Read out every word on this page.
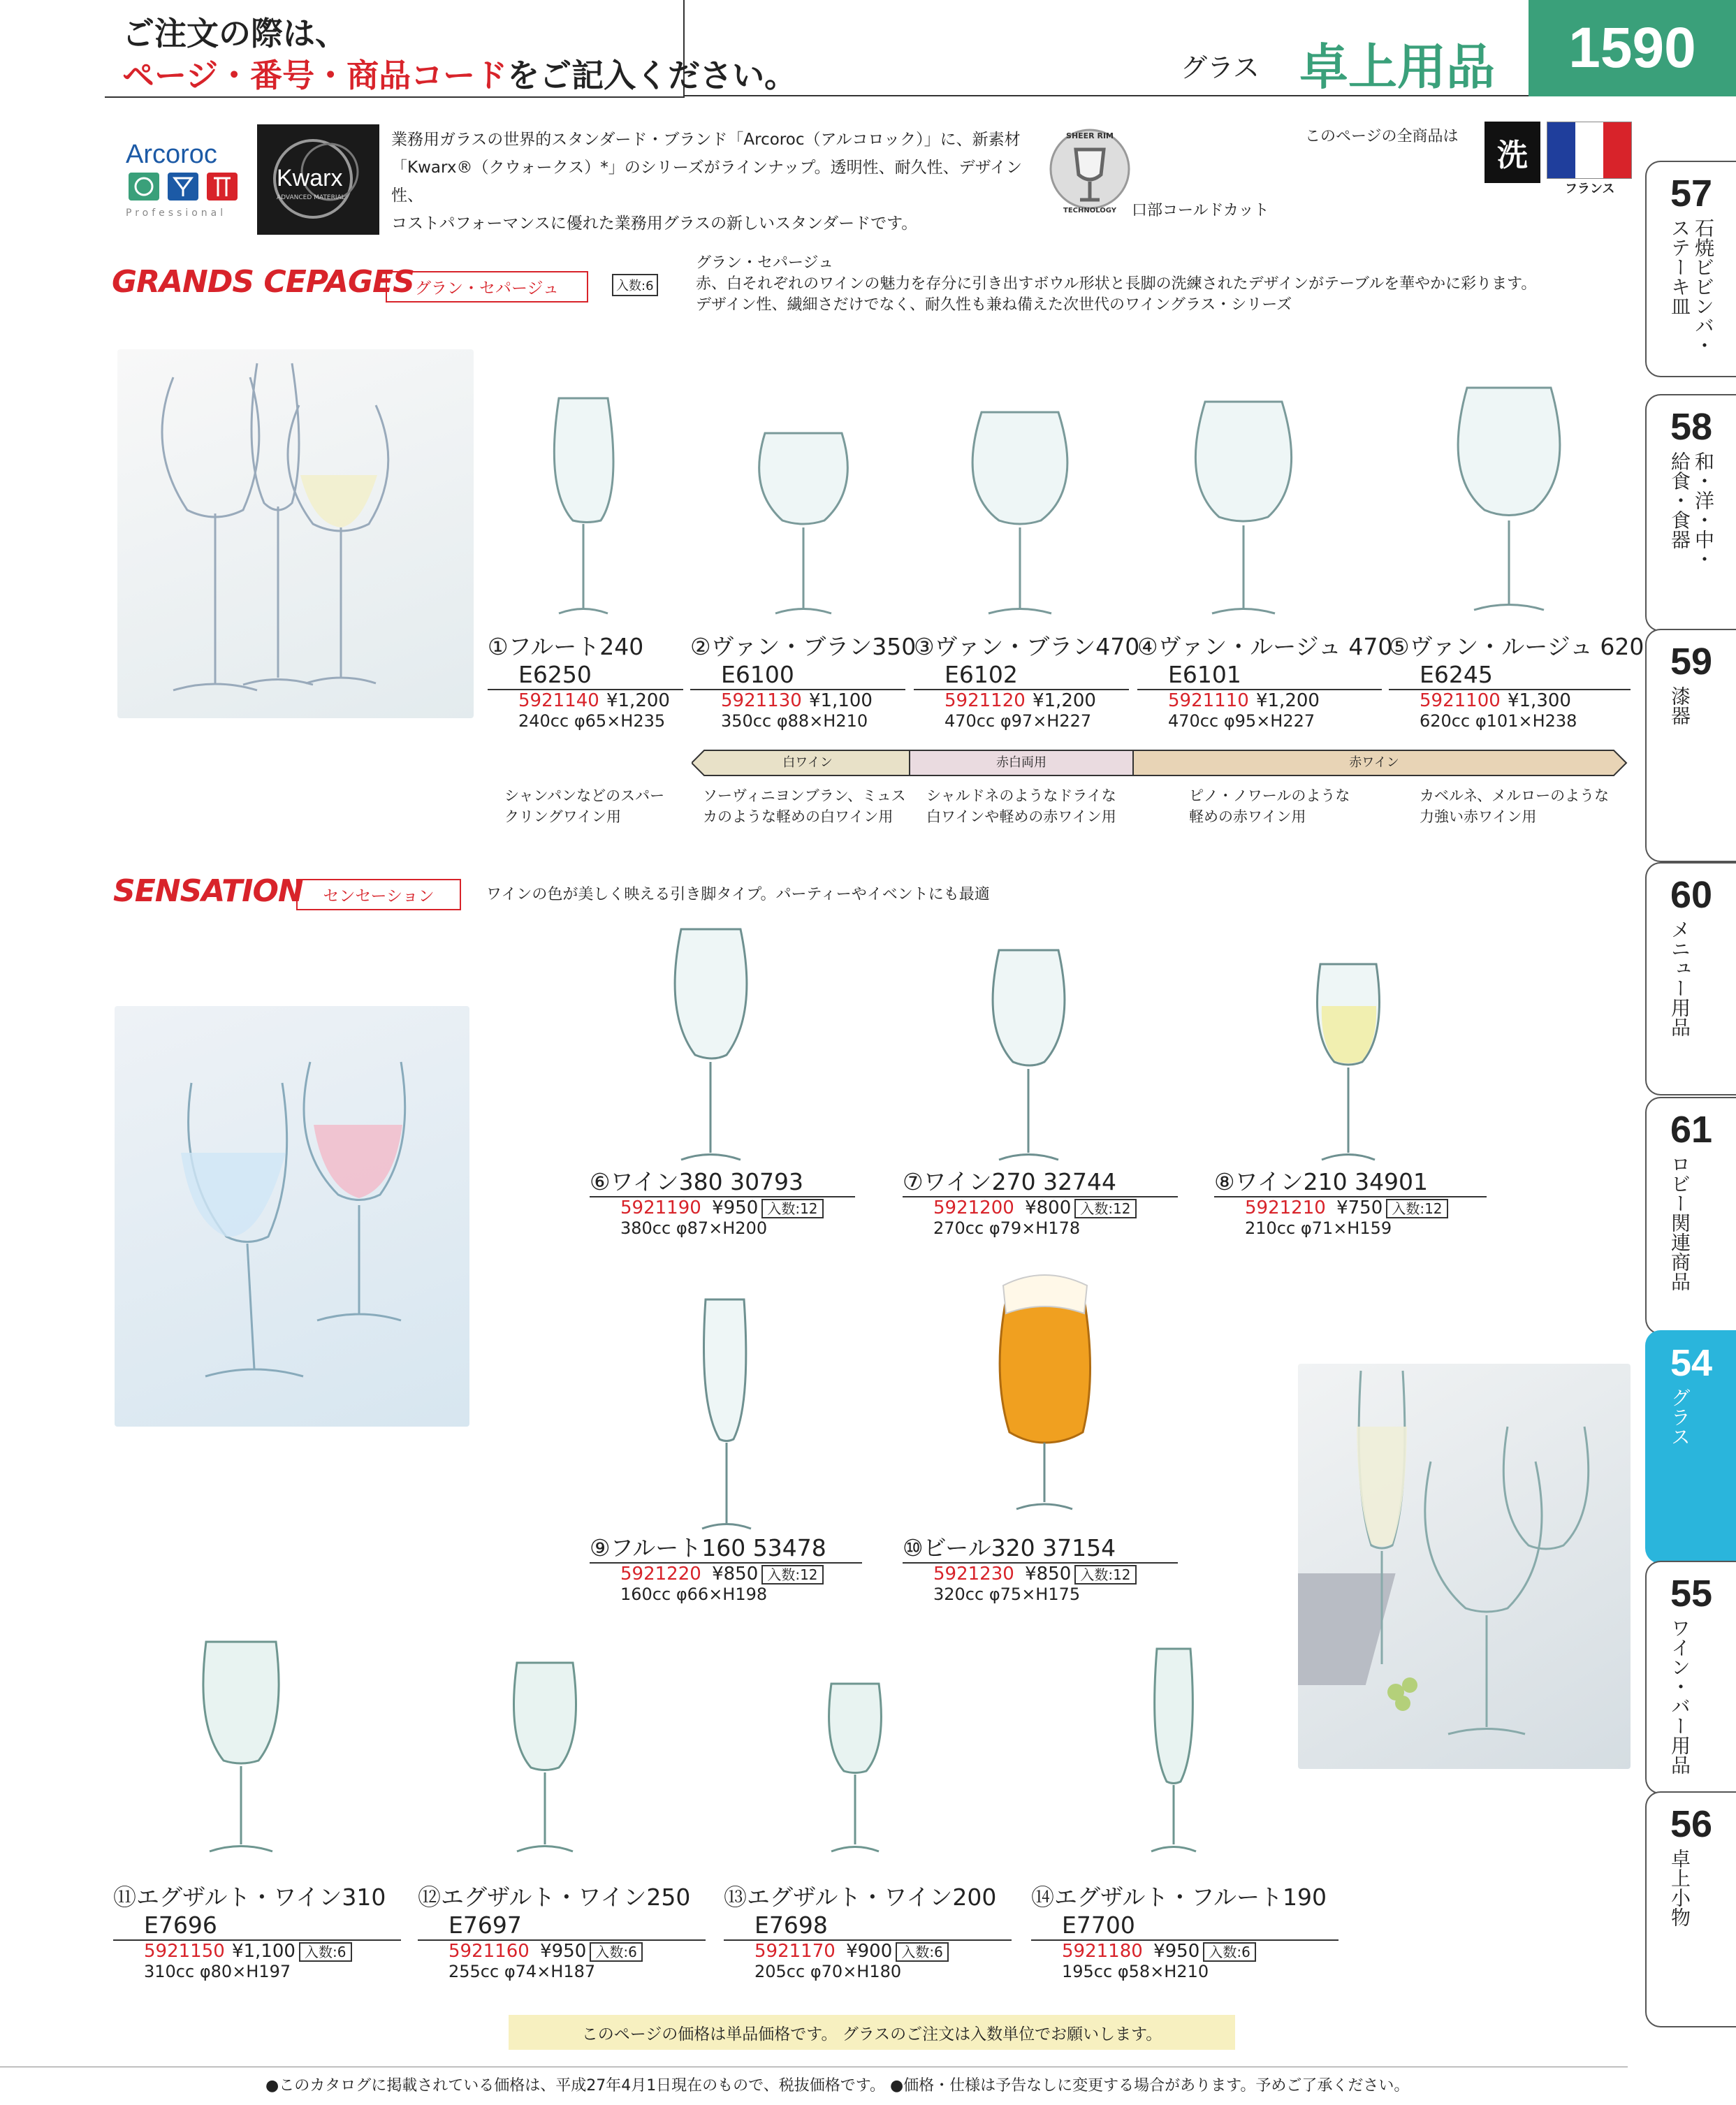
ご注文の際は、
ページ・番号・商品コードをご記入ください。	グラス 卓上用品	1590
Arcoroc
Professional
Kwarx
ADVANCED MATERIAL
業務用ガラスの世界的スタンダード・ブランド「Arcoroc（アルコロック）」に、新素材
「Kwarx®（クウォークス）*」のシリーズがラインナップ。透明性、耐久性、デザイン性、
コストパフォーマンスに優れた業務用グラスの新しいスタンダードです。
SHEER RIM
TECHNOLOGY 口部コールドカット
このページの全商品は
洗
フランス 57
石焼ビビンバ・
ステーキ皿
58
和・洋・中・
給食・食器
59
漆器
60
メニュー用品
61
ロビー関連商品
54
グラス
55
ワイン・バー用品
56
卓上小物
GRANDS CEPAGES グラン・セパージュ	入数:6
グラン・セパージュ
赤、白それぞれのワインの魅力を存分に引き出すボウル形状と長脚の洗練されたデザインがテーブルを華やかに彩ります。
デザイン性、繊細さだけでなく、耐久性も兼ね備えた次世代のワイングラス・シリーズ
①フルート240
E6250
5921140 ¥1,200
240cc φ65×H235
②ヴァン・ブラン350
E6100
5921130 ¥1,100
350cc φ88×H210
③ヴァン・ブラン470
E6102
5921120 ¥1,200
470cc φ97×H227
④ヴァン・ルージュ 470
E6101
5921110 ¥1,200
470cc φ95×H227
⑤ヴァン・ルージュ 620
E6245
5921100 ¥1,300
620cc φ101×H238
白ワイン	赤白両用	赤ワイン
シャンパンなどのスパー
クリングワイン用
ソーヴィニヨンブラン、ミュス
カのような軽めの白ワイン用
シャルドネのようなドライな
白ワインや軽めの赤ワイン用
ピノ・ノワールのような
軽めの赤ワイン用
カベルネ、メルローのような
力強い赤ワイン用
SENSATION	センセーション	ワインの色が美しく映える引き脚タイプ。パーティーやイベントにも最適
⑥ワイン380 30793
5921190 ¥950 入数:12
380cc φ87×H200
⑦ワイン270 32744
5921200 ¥800 入数:12
270cc φ79×H178
⑧ワイン210 34901
5921210 ¥750 入数:12
210cc φ71×H159
⑨フルート160 53478
5921220 ¥850 入数:12
160cc φ66×H198
⑩ビール320 37154
5921230 ¥850 入数:12
320cc φ75×H175
⑪エグザルト・ワイン310
E7696
5921150 ¥1,100 入数:6
310cc φ80×H197
⑫エグザルト・ワイン250
E7697
5921160 ¥950 入数:6
255cc φ74×H187
⑬エグザルト・ワイン200
E7698
5921170 ¥900 入数:6
205cc φ70×H180
⑭エグザルト・フルート190
E7700
5921180 ¥950 入数:6
195cc φ58×H210
このページの価格は単品価格です。 グラスのご注文は入数単位でお願いします。
●このカタログに掲載されている価格は、平成27年4月1日現在のもので、税抜価格です。 ●価格・仕様は予告なしに変更する場合があります。予めご了承ください。
